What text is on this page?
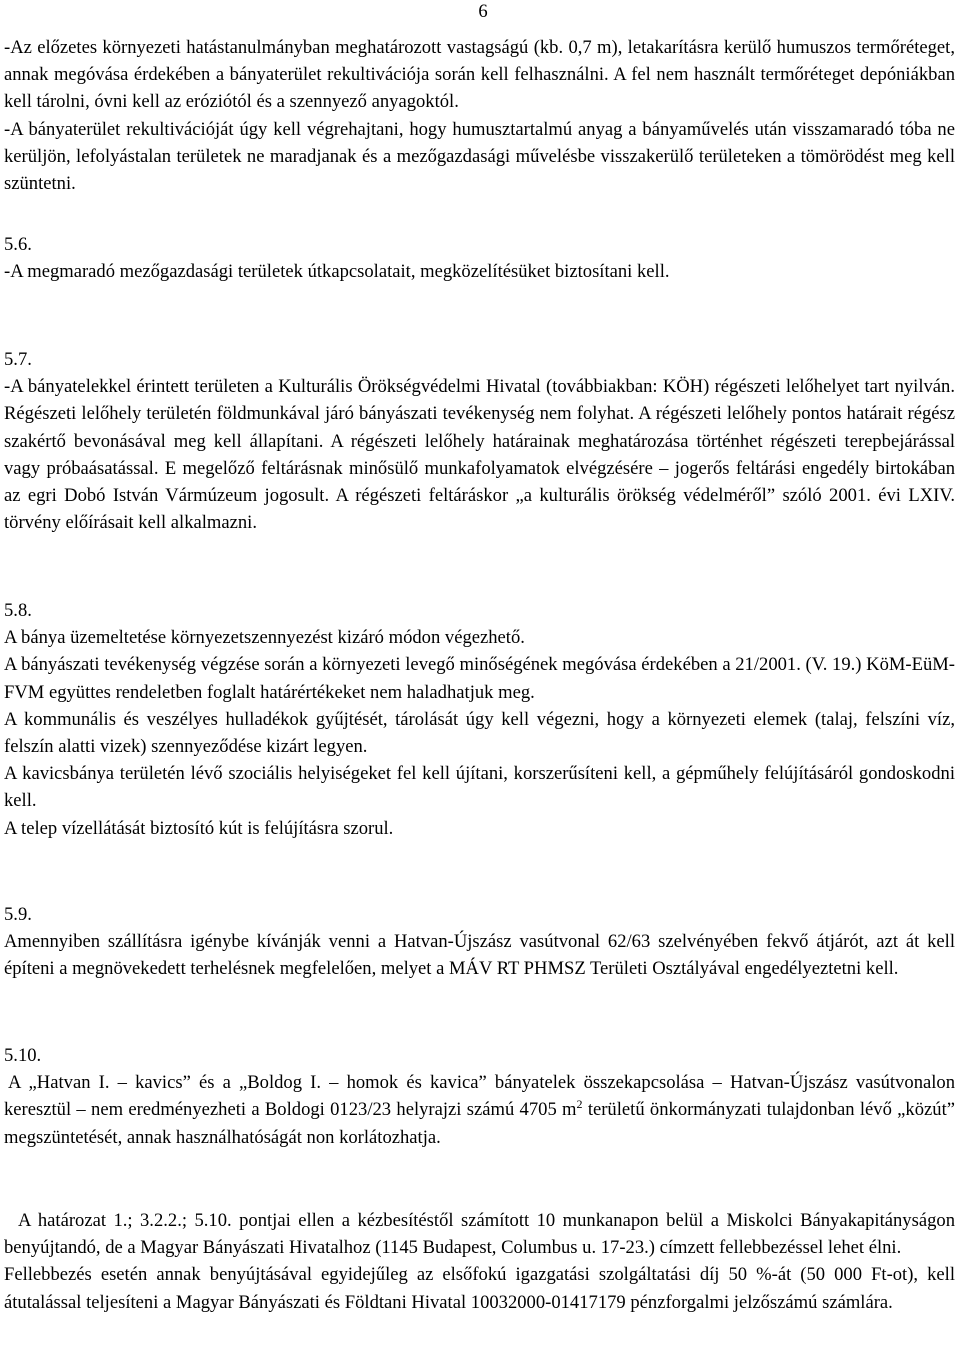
6

-Az előzetes környezeti hatástanulmányban meghatározott vastagságú (kb. 0,7 m), letakarításra kerülő humuszos termőréteget, annak megóvása érdekében a bányaterület rekultivációja során kell felhasználni. A fel nem használt termőréteget depóniákban kell tárolni, óvni kell az eróziótól és a szennyező anyagoktól.

-A bányaterület rekultivációját úgy kell végrehajtani, hogy humusztartalmú anyag a bányaművelés után visszamaradó tóba ne kerüljön, lefolyástalan területek ne maradjanak és a mezőgazdasági művelésbe visszakerülő területeken a tömörödést meg kell szüntetni.

5.6.

-A megmaradó mezőgazdasági területek útkapcsolatait, megközelítésüket biztosítani kell.

5.7.

-A bányatelekkel érintett területen a Kulturális Örökségvédelmi Hivatal (továbbiakban: KÖH) régészeti lelőhelyet tart nyilván. Régészeti lelőhely területén földmunkával járó bányászati tevékenység nem folyhat. A régészeti lelőhely pontos határait régész szakértő bevonásával meg kell állapítani. A régészeti lelőhely határainak meghatározása történhet régészeti terepbejárással vagy próbaásatással. E megelőző feltárásnak minősülő munkafolyamatok elvégzésére – jogerős feltárási engedély birtokában az egri Dobó István Vármúzeum jogosult. A régészeti feltáráskor „a kulturális örökség védelméről” szóló 2001. évi LXIV. törvény előírásait kell alkalmazni.

5.8.

A bánya üzemeltetése környezetszennyezést kizáró módon végezhető.

A bányászati tevékenység végzése során a környezeti levegő minőségének megóvása érdekében a 21/2001. (V. 19.) KöM-EüM-FVM együttes rendeletben foglalt határértékeket nem haladhatjuk meg.

A kommunális és veszélyes hulladékok gyűjtését, tárolását úgy kell végezni, hogy a környezeti elemek (talaj, felszíni víz, felszín alatti vizek) szennyeződése kizárt legyen.

A kavicsbánya területén lévő szociális helyiségeket fel kell újítani, korszerűsíteni kell, a gépműhely felújításáról gondoskodni kell.

A telep vízellátását biztosító kút is felújításra szorul.

5.9.

Amennyiben szállításra igénybe kívánják venni a Hatvan-Újszász vasútvonal 62/63 szelvényében fekvő átjárót, azt át kell építeni a megnövekedett terhelésnek megfelelően, melyet a MÁV RT PHMSZ Területi Osztályával engedélyeztetni kell.

5.10.

A „Hatvan I. – kavics” és a „Boldog I. – homok és kavica” bányatelek összekapcsolása – Hatvan-Újszász vasútvonalon keresztül – nem eredményezheti a Boldogi 0123/23 helyrajzi számú 4705 $m^2$ területű önkormányzati tulajdonban lévő „közút” megszüntetését, annak használhatóságát non korlátozhatja.

A határozat 1.; 3.2.2.; 5.10. pontjai ellen a kézbesítéstől számított 10 munkanapon belül a Miskolci Bányakapitányságon benyújtandó, de a Magyar Bányászati Hivatalhoz (1145 Budapest, Columbus u. 17-23.) címzett fellebbezéssel lehet élni.

Fellebbezés esetén annak benyújtásával egyidejűleg az elsőfokú igazgatási szolgáltatási díj 50 %-át (50 000 Ft-ot), kell átutalással teljesíteni a Magyar Bányászati és Földtani Hivatal 10032000-01417179 pénzforgalmi jelzőszámú számlára.
